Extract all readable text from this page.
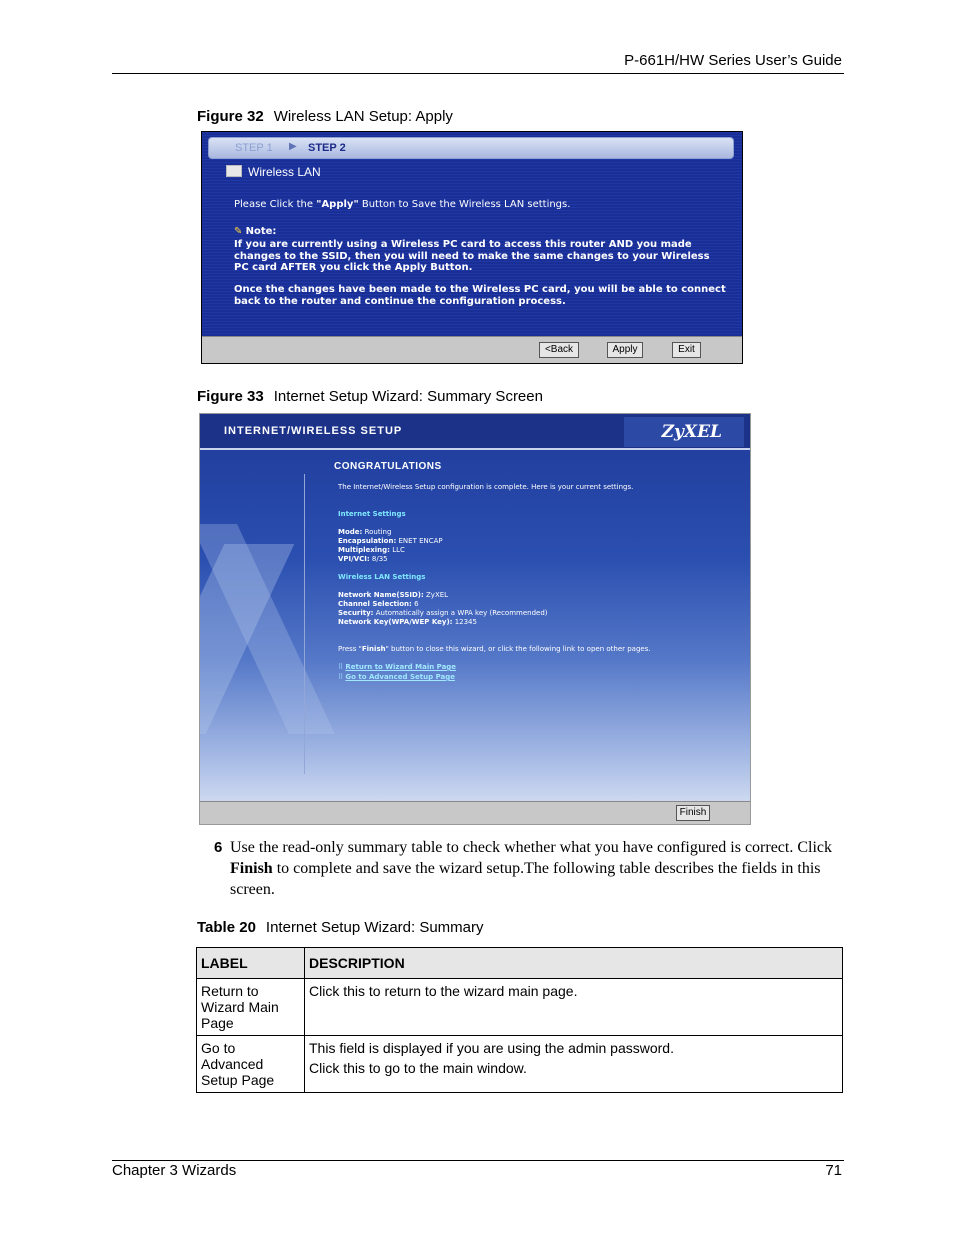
P-661H/HW Series User’s Guide
Figure 32 Wireless LAN Setup: Apply
STEP 1 ▶ STEP 2
Wireless LAN
Please Click the "Apply" Button to Save the Wireless LAN settings.
✎ Note:
If you are currently using a Wireless PC card to access this router AND you made
changes to the SSID, then you will need to make the same changes to your Wireless
PC card AFTER you click the Apply Button.
Once the changes have been made to the Wireless PC card, you will be able to connect
back to the router and continue the configuration process.
<Back	Apply	Exit
Figure 33 Internet Setup Wizard: Summary Screen
INTERNET/WIRELESS SETUP	ZyXEL
CONGRATULATIONS
The Internet/Wireless Setup configuration is complete. Here is your current settings.
Internet Settings
Mode: Routing
Encapsulation: ENET ENCAP
Multiplexing: LLC
VPI/VCI: 8/35
Wireless LAN Settings
Network Name(SSID): ZyXEL
Channel Selection: 6
Security: Automatically assign a WPA key (Recommended)
Network Key(WPA/WEP Key): 12345
Press "Finish" button to close this wizard, or click the following link to open other pages.
⠿ Return to Wizard Main Page
⠿ Go to Advanced Setup Page
Finish
6 Use the read-only summary table to check whether what you have configured is correct. Click Finish to complete and save the wizard setup.The following table describes the fields in this screen.
Table 20 Internet Setup Wizard: Summary
LABEL	DESCRIPTION
Return to Wizard Main Page	Click this to return to the wizard main page.

Go to Advanced Setup Page	This field is displayed if you are using the admin password.

Click this to go to the main window.

Chapter 3 Wizards	71
